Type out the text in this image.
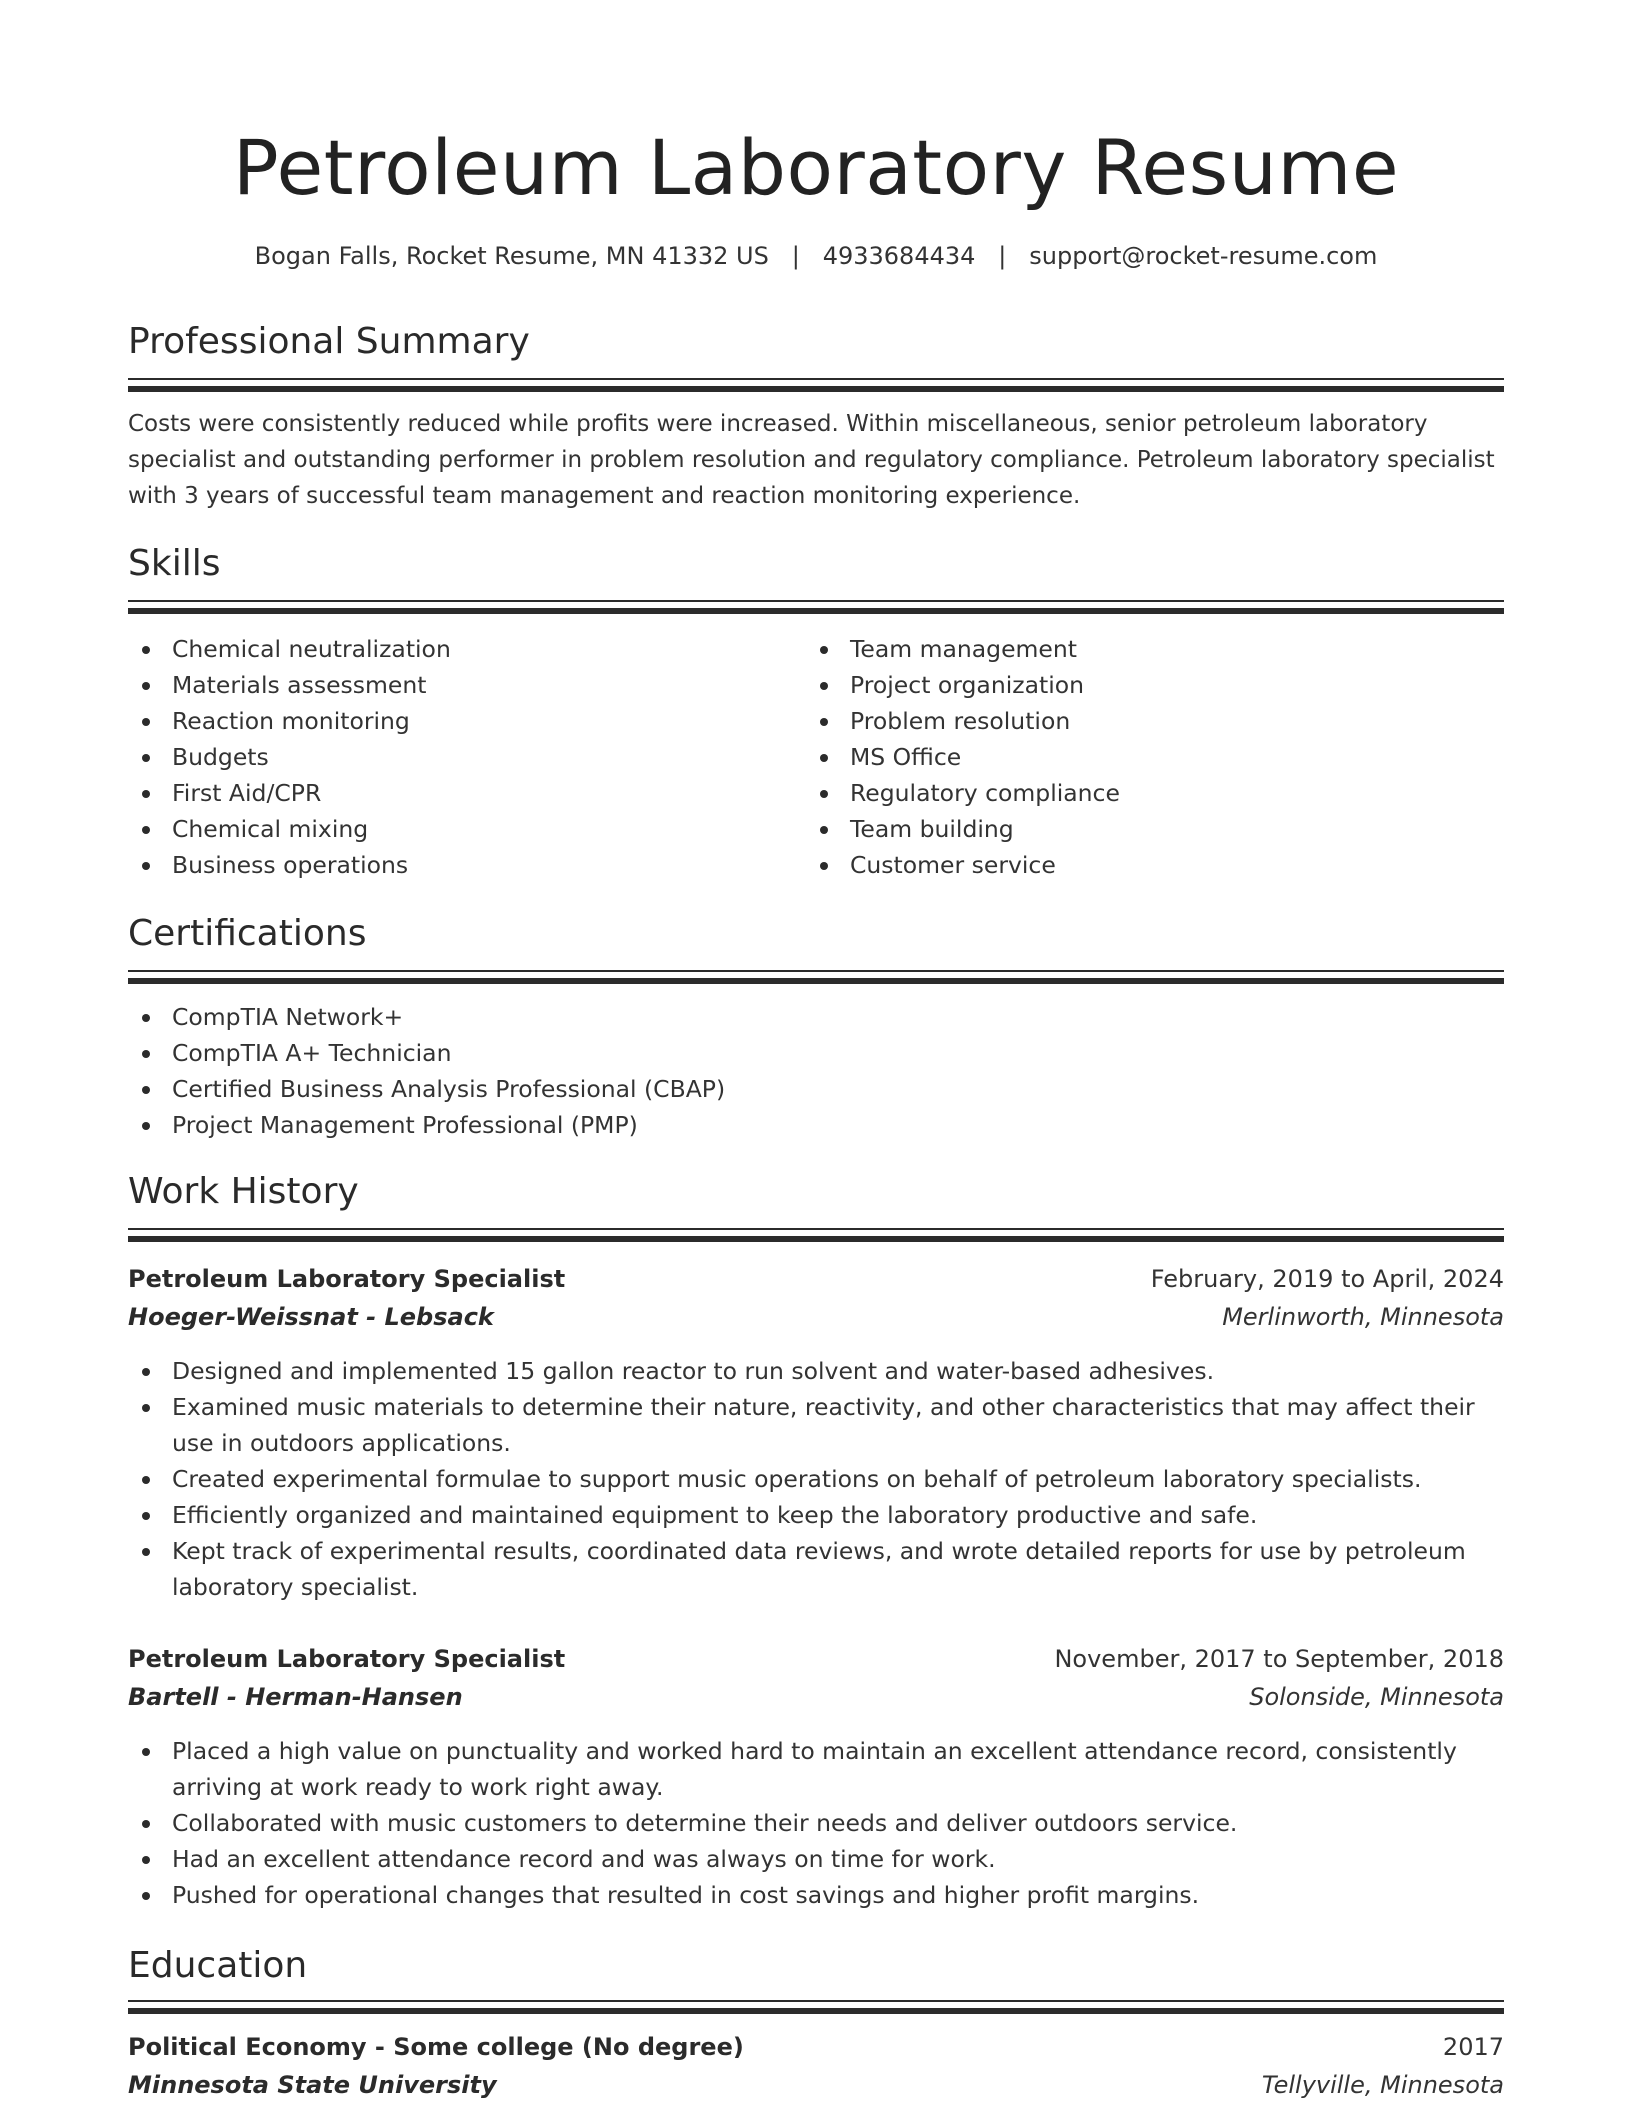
Petroleum Laboratory Resume
Bogan Falls, Rocket Resume, MN 41332 US   |   4933684434   |   support@rocket-resume.com
Professional Summary
Costs were consistently reduced while profits were increased. Within miscellaneous, senior petroleum laboratory specialist and outstanding performer in problem resolution and regulatory compliance. Petroleum laboratory specialist with 3 years of successful team management and reaction monitoring experience.
Skills
Chemical neutralization
Materials assessment
Reaction monitoring
Budgets
First Aid/CPR
Chemical mixing
Business operations
Team management
Project organization
Problem resolution
MS Office
Regulatory compliance
Team building
Customer service
Certifications
CompTIA Network+
CompTIA A+ Technician
Certified Business Analysis Professional (CBAP)
Project Management Professional (PMP)
Work History
Petroleum Laboratory Specialist	February, 2019 to April, 2024
Hoeger-Weissnat - Lebsack	Merlinworth, Minnesota
Designed and implemented 15 gallon reactor to run solvent and water-based adhesives.
Examined music materials to determine their nature, reactivity, and other characteristics that may affect their use in outdoors applications.
Created experimental formulae to support music operations on behalf of petroleum laboratory specialists.
Efficiently organized and maintained equipment to keep the laboratory productive and safe.
Kept track of experimental results, coordinated data reviews, and wrote detailed reports for use by petroleum laboratory specialist.
Petroleum Laboratory Specialist	November, 2017 to September, 2018
Bartell - Herman-Hansen	Solonside, Minnesota
Placed a high value on punctuality and worked hard to maintain an excellent attendance record, consistently arriving at work ready to work right away.
Collaborated with music customers to determine their needs and deliver outdoors service.
Had an excellent attendance record and was always on time for work.
Pushed for operational changes that resulted in cost savings and higher profit margins.
Education
Political Economy - Some college (No degree)	2017
Minnesota State University	Tellyville, Minnesota
